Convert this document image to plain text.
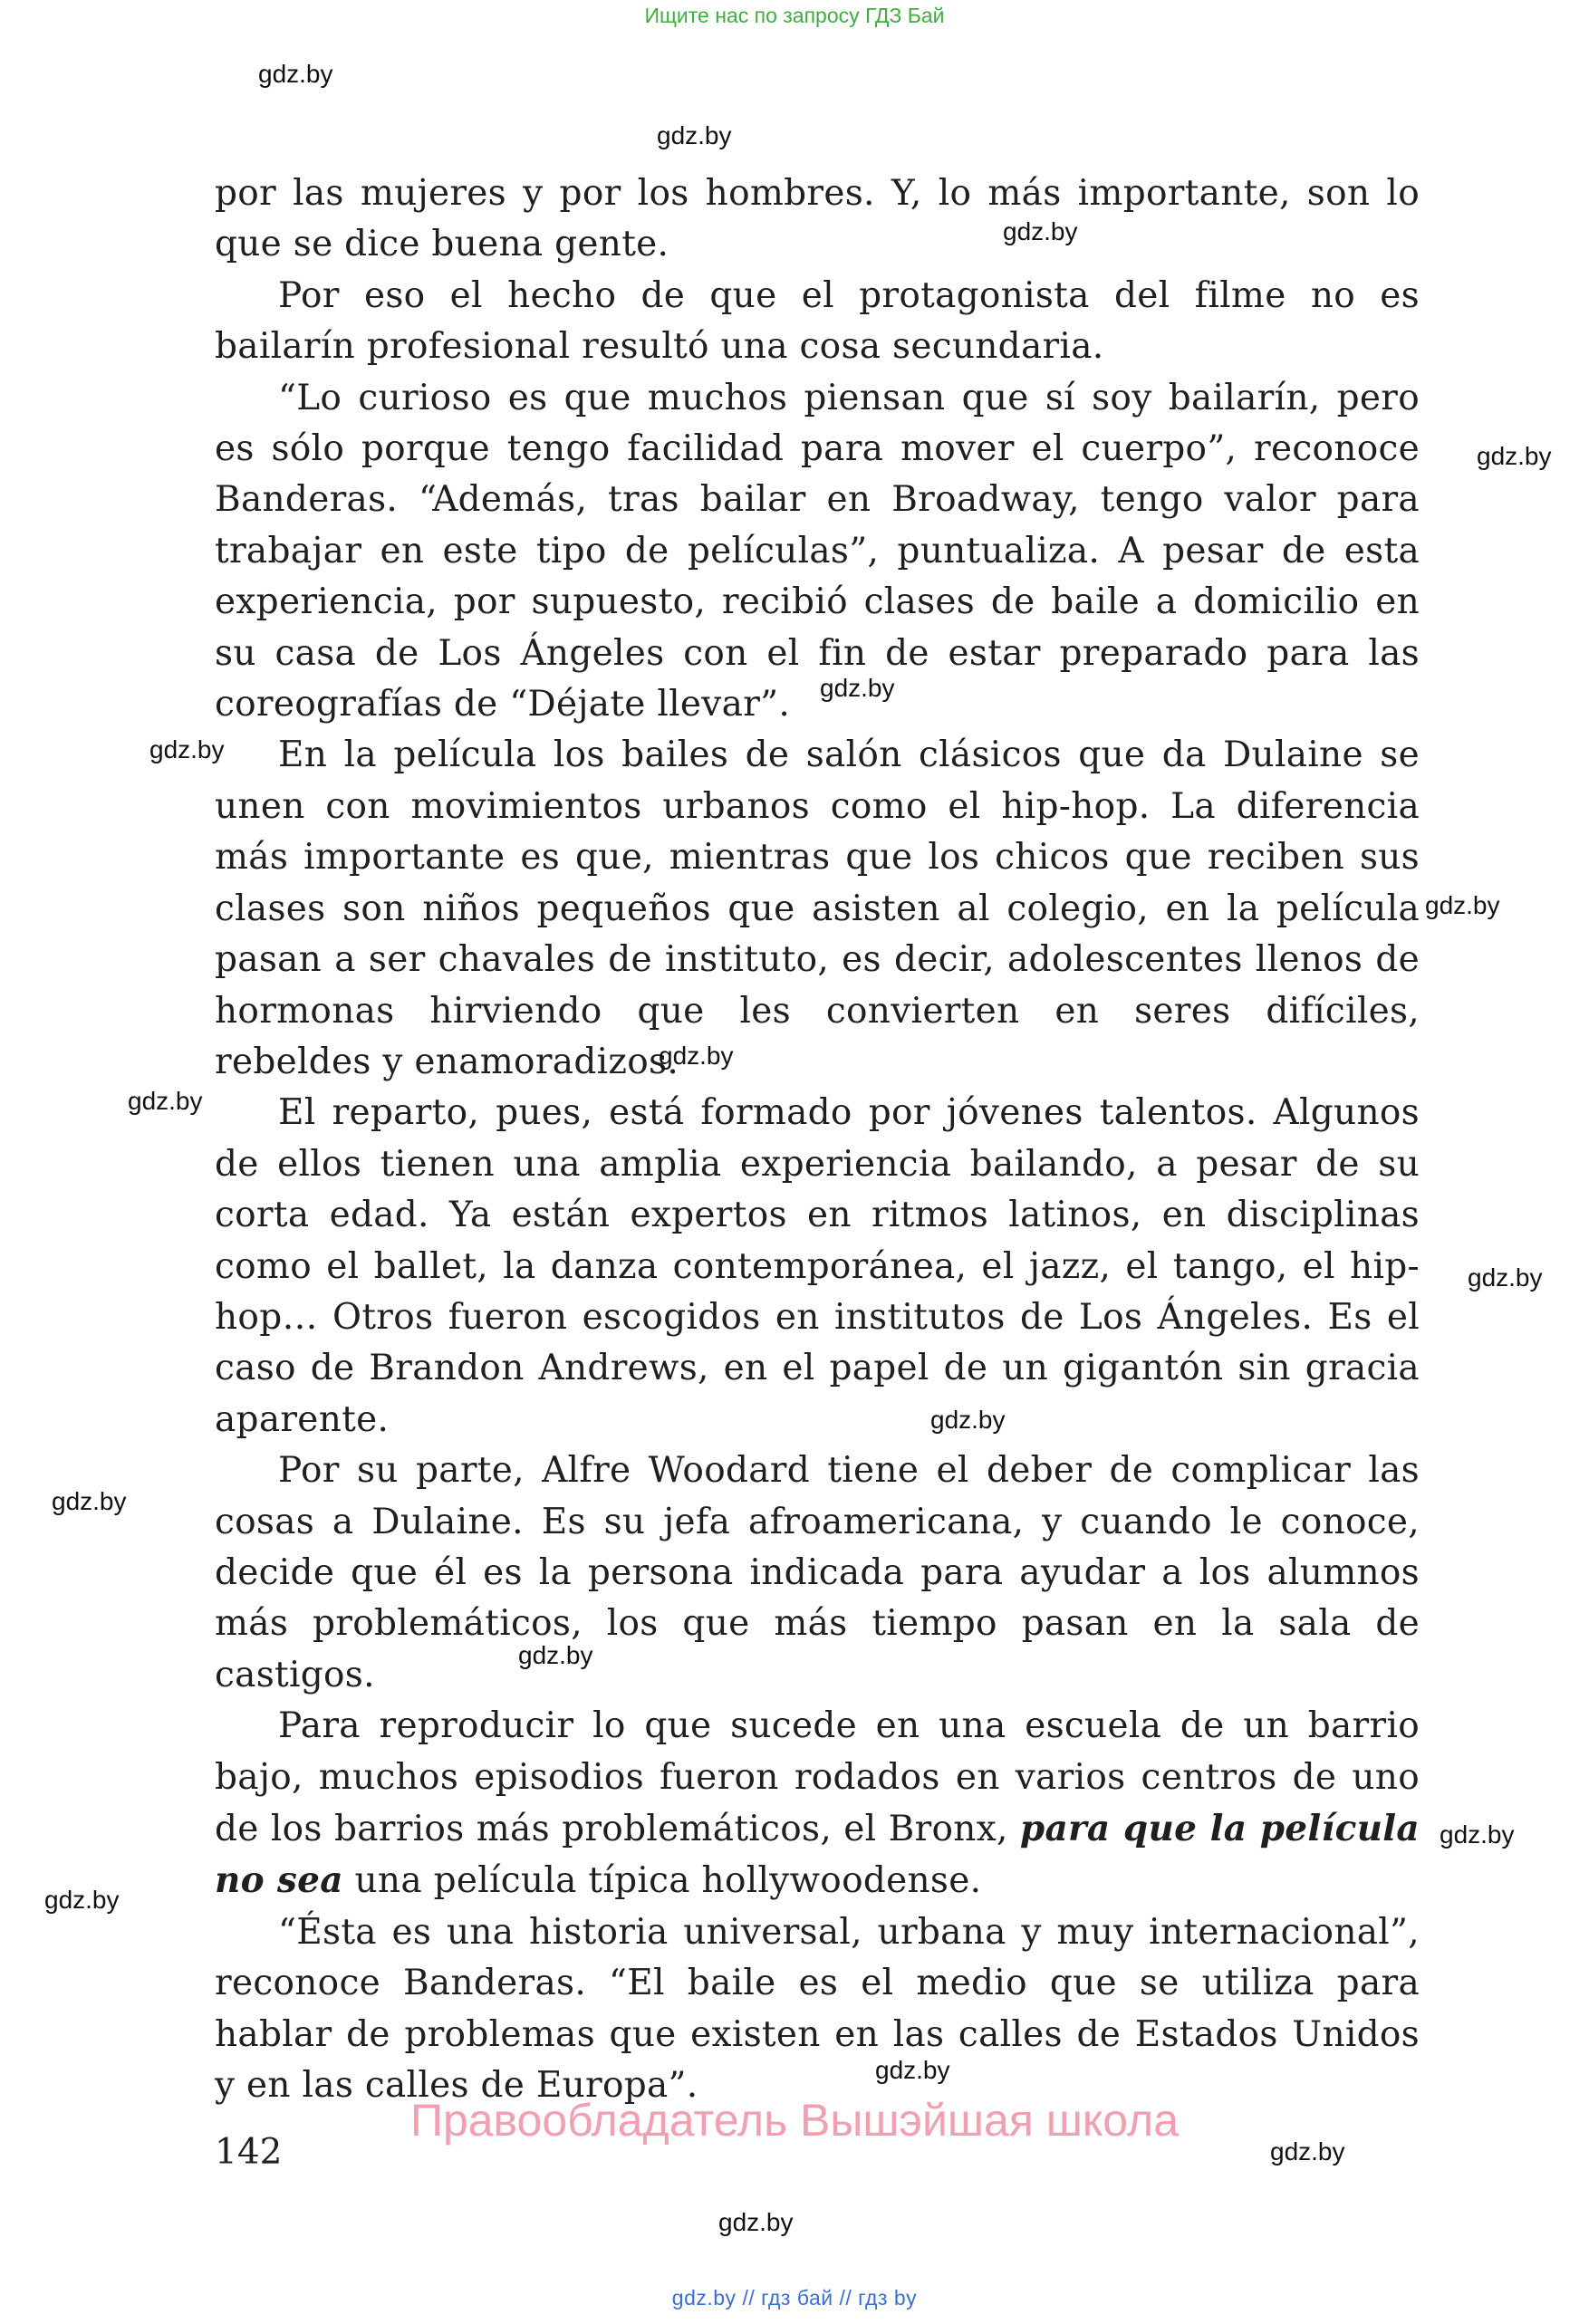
Ищите нас по запросу ГДЗ Бай

por las mujeres y por los hombres. Y, lo más importante, son lo que se dice buena gente.

Por eso el hecho de que el protagonista del filme no es bailarín profesional resultó una cosa secundaria.

“Lo curioso es que muchos piensan que sí soy bailarín, pero es sólo porque tengo facilidad para mover el cuerpo”, reconoce Banderas. “Además, tras bailar en Broadway, tengo valor para trabajar en este tipo de películas”, puntualiza. A pesar de esta experiencia, por supuesto, recibió clases de baile a domicilio en su casa de Los Ángeles con el fin de estar preparado para las coreografías de “Déjate llevar”.

En la película los bailes de salón clásicos que da Dulaine se unen con movimientos urbanos como el hip-hop. La diferencia más importante es que, mientras que los chicos que reciben sus clases son niños pequeños que asisten al colegio, en la película pasan a ser chavales de instituto, es decir, adolescentes llenos de hormonas hirviendo que les convierten en seres difíciles, rebeldes y enamoradizos.

El reparto, pues, está formado por jóvenes talentos. Algunos de ellos tienen una amplia experiencia bailando, a pesar de su corta edad. Ya están expertos en ritmos latinos, en disciplinas como el ballet, la danza contemporánea, el jazz, el tango, el hip-hop… Otros fueron escogidos en institutos de Los Ángeles. Es el caso de Brandon Andrews, en el papel de un gigantón sin gracia aparente.

Por su parte, Alfre Woodard tiene el deber de complicar las cosas a Dulaine. Es su jefa afroamericana, y cuando le conoce, decide que él es la persona indicada para ayudar a los alumnos más problemáticos, los que más tiempo pasan en la sala de castigos.

Para reproducir lo que sucede en una escuela de un barrio bajo, muchos episodios fueron rodados en varios centros de uno de los barrios más problemáticos, el Bronx, para que la película no sea una película típica hollywoodense.

“Ésta es una historia universal, urbana y muy internacional”, reconoce Banderas. “El baile es el medio que se utiliza para hablar de problemas que existen en las calles de Estados Unidos y en las calles de Europa”.

gdz.by
gdz.by
gdz.by
gdz.by
gdz.by
gdz.by
gdz.by
gdz.by
gdz.by
gdz.by
gdz.by
gdz.by
gdz.by
gdz.by
gdz.by
gdz.by
gdz.by
gdz.by
Правообладатель Вышэйшая школа
142
gdz.by // гдз бай // гдз by
